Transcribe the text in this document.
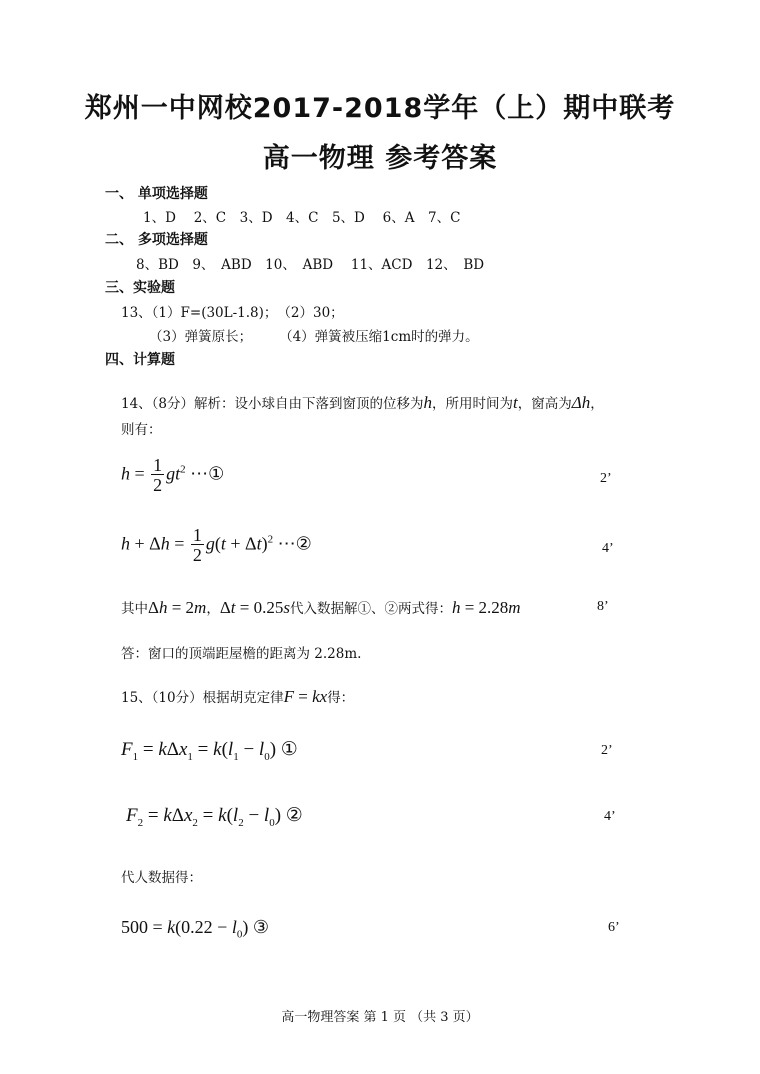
郑州一中网校2017-2018学年（上）期中联考
高一物理 参考答案
一、 单项选择题
1、D　 2、C　3、D　4、C　5、D　 6、A　7、C
二、 多项选择题
8、BD　9、　ABD　10、　ABD　 11、ACD　12、　BD
三、实验题
13、（1）F=(30L-1.8)；　（2）30；
（3）弹簧原长；　　　（4）弹簧被压缩1cm时的弹力。
四、计算题
14、（8分）解析：设小球自由下落到窗顶的位移为h，所用时间为t，窗高为Δh，
则有：
$h = \frac{1}{2} gt^2$ ⋯①	2’
$h + \Delta h = \frac{1}{2} g(t + \Delta t)^2$ ⋯②	4’
其中Δh = 2m，Δt = 0.25s代入数据解①、②两式得：h = 2.28m	8’
答：窗口的顶端距屋檐的距离为 2.28m.
15、（10分）根据胡克定律F = kx得：
$F_1 = k\Delta x_1 = k(l_1 - l_0)$ ①	2’
$F_2 = k\Delta x_2 = k(l_2 - l_0)$ ②	4’
代人数据得：
$500 = k(0.22 - l_0)$ ③	6’
高一物理答案 第 1 页 （共 3 页）
